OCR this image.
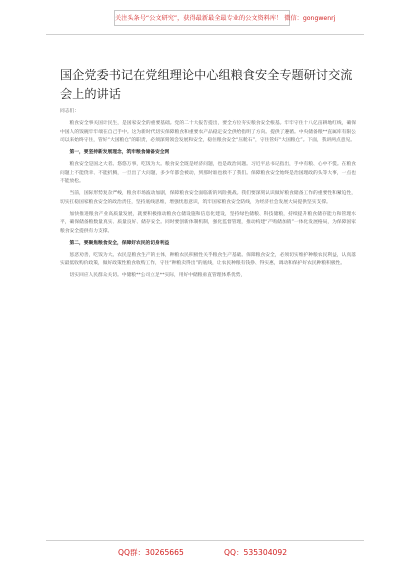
关注头条号“公文研究”，获得最新最全最专业的公文资料库！ 微信：gongwenrj
国企党委书记在党组理论中心组粮食安全专题研讨交流会上的讲话

同志们：

粮食安全事关国计民生，是国家安全的重要基础。党的二十大报告提出，要全方位夯实粮食安全根基。牢牢守住十八亿亩耕地红线，确保中国人的饭碗牢牢端在自己手中。这为新时代切实保障粮食和重要农产品稳定安全供给指明了方向。提供了遵循。中央储备粮**直属库有限公司以来始终守住，管好“大国粮仓”的职责，必须深刻领会发展和安全，稳住粮食安全“压舱石”，守住管好“大国粮仓”。下面，我讲两点意见。

第一，要坚持新发展理念，筑牢粮食储备安全网

粮食安全是国之大者。悠悠万事，吃饭为大。粮食安全既是经济问题，也是政治问题。习近平总书记指出，手中有粮、心中不慌。在粮食问题上不能侥幸、不能折腾，一旦出了大问题，多少年都会被动，到那时谁也救不了我们。保障粮食安全始终是治国理政的头等大事，一点也不能放松。

当前，国际形势复杂严峻，粮食市场波动加剧，保障粮食安全面临新的风险挑战。我们要深刻认识做好粮食储备工作的重要性和紧迫性，切实扛稳国家粮食安全的政治责任，坚持底线思维，增强忧患意识，筑牢国家粮食安全防线，为经济社会发展大局提供坚实支撑。

加快推进粮食产业高质量发展，就要积极推动粮食仓储设施和信息化建设，坚持绿色储粮、科技储粮，持续提升粮食储存能力和管理水平，确保储备粮数量真实、质量良好、储存安全。同时要创新体制机制，强化监督管理，推动构建“产购储加销”一体化发展格局，为保障国家粮食安全提供有力支撑。

第二，要聚焦粮食安全，保障好农民的切身利益

惩恶劝善，吃饭为大。农民是粮食生产的主体，种粮农民积极性关乎粮食生产基础。保障粮食安全，必须切实维护种粮农民利益，认真落实最低收购价政策，做好政策性粮食收购工作，守住“种粮卖得出”的底线，让农民种粮有钱挣、得实惠，调动和保护好农民种粮积极性。

切实回应人民群众关切。中储粮**公司立足**实际，用好中储粮垂直管理体系优势，

QQ群：30265665	QQ：535304092
